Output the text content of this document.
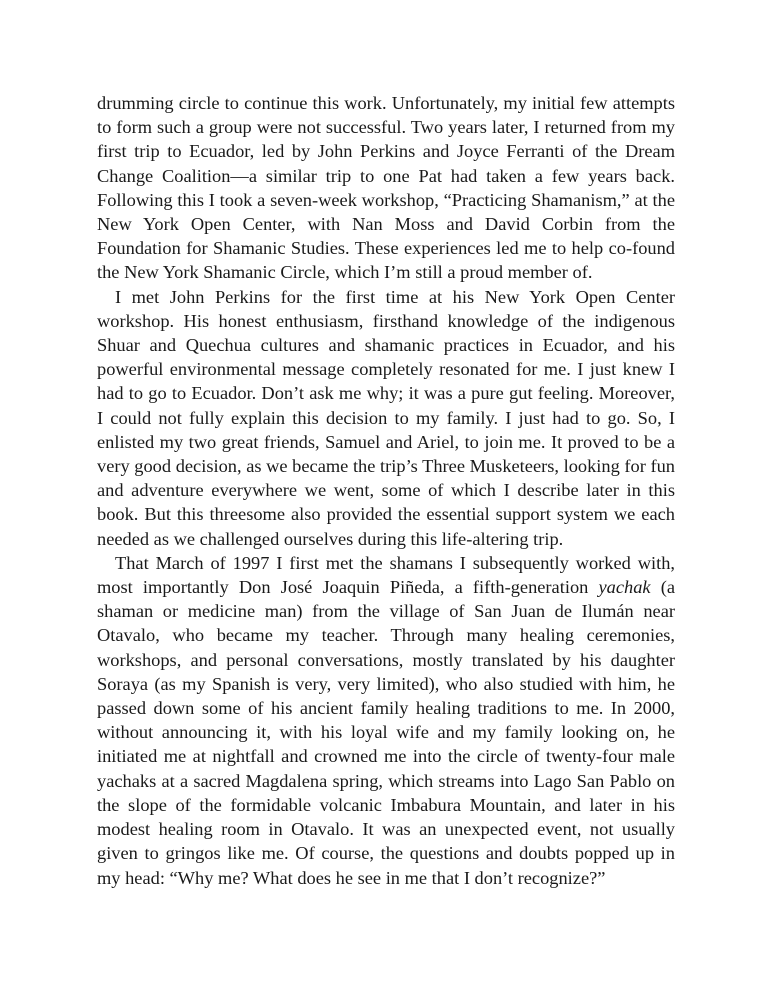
drumming circle to continue this work. Unfortunately, my initial few attempts to form such a group were not successful. Two years later, I returned from my first trip to Ecuador, led by John Perkins and Joyce Ferranti of the Dream Change Coalition—a similar trip to one Pat had taken a few years back. Following this I took a seven-week workshop, “Practicing Shamanism,” at the New York Open Center, with Nan Moss and David Corbin from the Foundation for Shamanic Studies. These experiences led me to help co-found the New York Shamanic Circle, which I’m still a proud member of.

I met John Perkins for the first time at his New York Open Center workshop. His honest enthusiasm, firsthand knowledge of the indigenous Shuar and Quechua cultures and shamanic practices in Ecuador, and his powerful environmental message completely resonated for me. I just knew I had to go to Ecuador. Don’t ask me why; it was a pure gut feeling. Moreover, I could not fully explain this decision to my family. I just had to go. So, I enlisted my two great friends, Samuel and Ariel, to join me. It proved to be a very good decision, as we became the trip’s Three Musketeers, looking for fun and adventure everywhere we went, some of which I describe later in this book. But this threesome also provided the essential support system we each needed as we challenged ourselves during this life-altering trip.

That March of 1997 I first met the shamans I subsequently worked with, most importantly Don José Joaquin Piñeda, a fifth-generation yachak (a shaman or medicine man) from the village of San Juan de Ilumán near Otavalo, who became my teacher. Through many healing ceremonies, workshops, and personal conversations, mostly translated by his daughter Soraya (as my Spanish is very, very limited), who also studied with him, he passed down some of his ancient family healing traditions to me. In 2000, without announcing it, with his loyal wife and my family looking on, he initiated me at nightfall and crowned me into the circle of twenty-four male yachaks at a sacred Magdalena spring, which streams into Lago San Pablo on the slope of the formidable volcanic Imbabura Mountain, and later in his modest healing room in Otavalo. It was an unexpected event, not usually given to gringos like me. Of course, the questions and doubts popped up in my head: “Why me? What does he see in me that I don’t recognize?”
